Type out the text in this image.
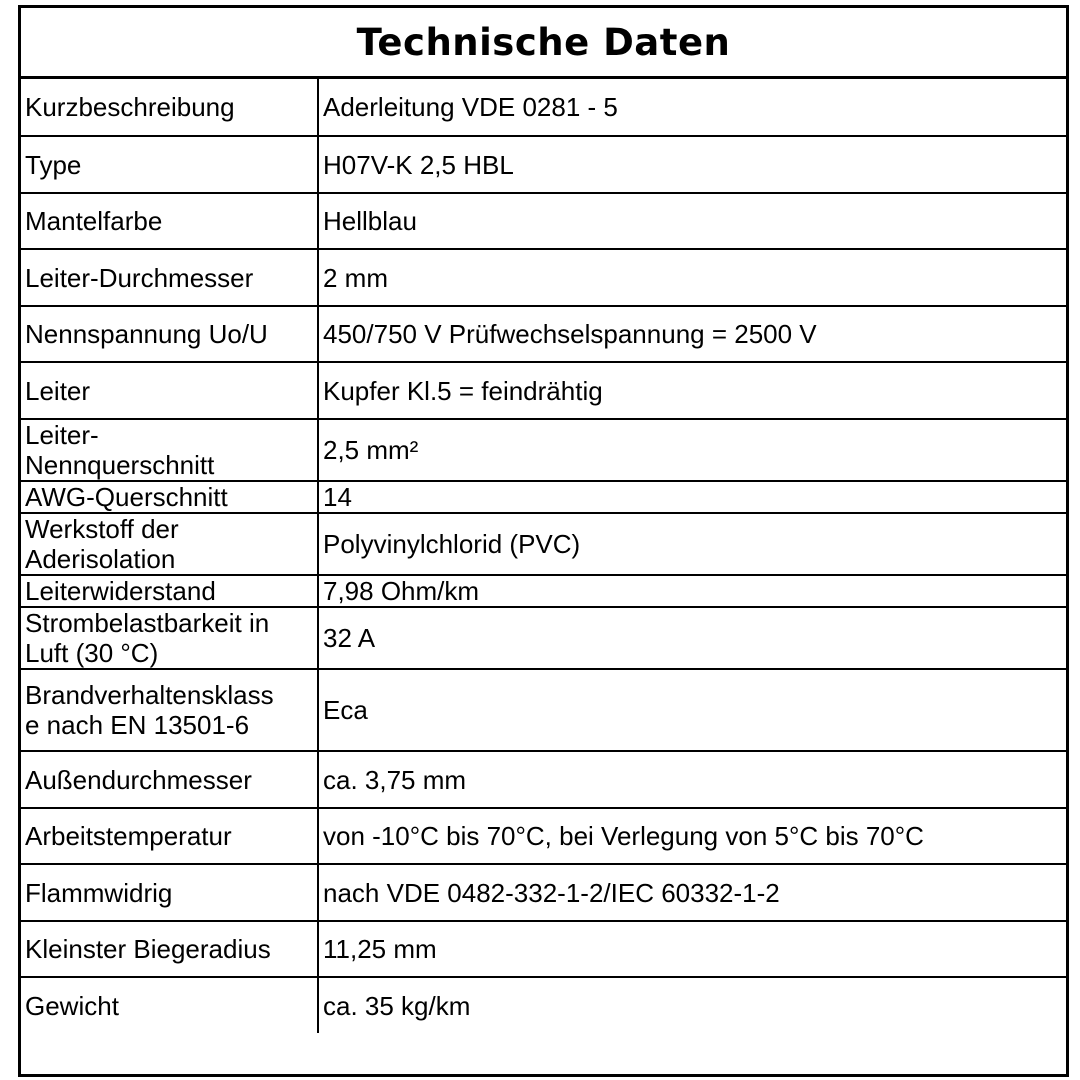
Technische Daten
Kurzbeschreibung	Aderleitung VDE 0281 - 5
Type	H07V-K 2,5 HBL
Mantelfarbe	Hellblau
Leiter-Durchmesser	2 mm
Nennspannung Uo/U	450/750 V Prüfwechselspannung = 2500 V
Leiter	Kupfer Kl.5 = feindrähtig
Leiter-
Nennquerschnitt	2,5 mm²
AWG-Querschnitt	14
Werkstoff der
Aderisolation	Polyvinylchlorid (PVC)
Leiterwiderstand	7,98 Ohm/km
Strombelastbarkeit in
Luft (30 °C)	32 A
Brandverhaltensklass
e nach EN 13501-6	Eca
Außendurchmesser	ca. 3,75 mm
Arbeitstemperatur	von -10°C bis 70°C, bei Verlegung von 5°C bis 70°C
Flammwidrig	nach VDE 0482-332-1-2/IEC 60332-1-2
Kleinster Biegeradius	11,25 mm
Gewicht	ca. 35 kg/km
